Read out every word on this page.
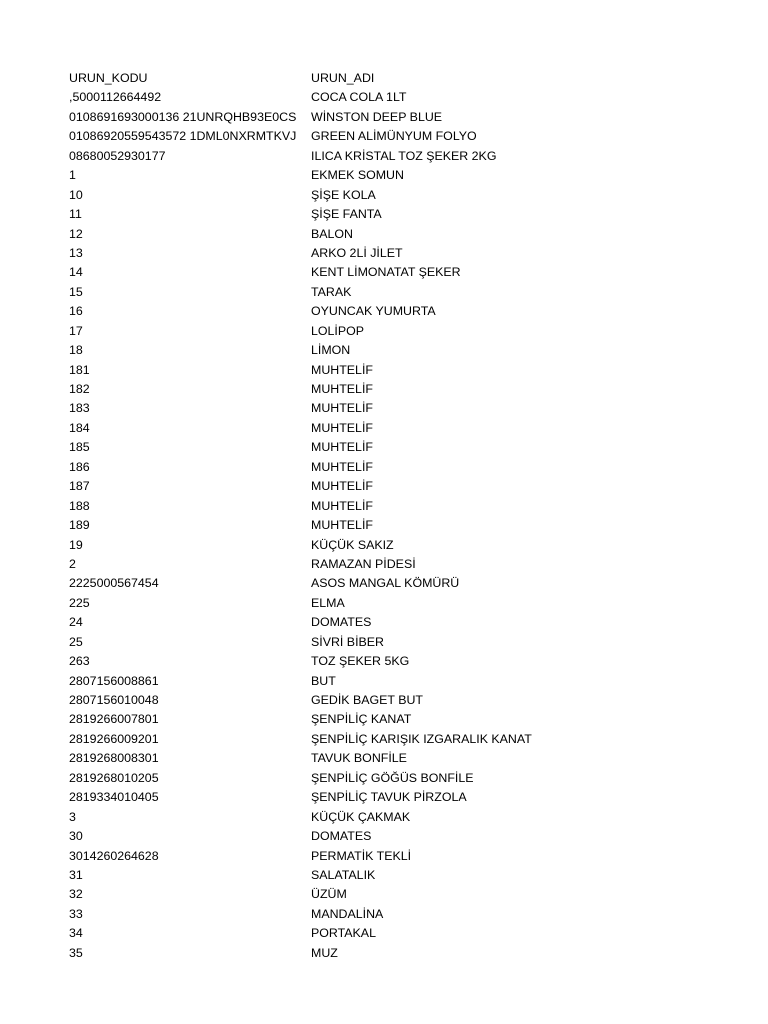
URUN_KODU	URUN_ADI
,5000112664492	COCA COLA 1LT
0108691693000136 21UNRQHB93E0CS	WİNSTON DEEP BLUE
01086920559543572 1DML0NXRMTKVJ	GREEN ALİMÜNYUM FOLYO
08680052930177	ILICA KRİSTAL TOZ ŞEKER 2KG
1	EKMEK SOMUN
10	ŞİŞE KOLA
11	ŞİŞE FANTA
12	BALON
13	ARKO 2Lİ JİLET
14	KENT LİMONATAT ŞEKER
15	TARAK
16	OYUNCAK YUMURTA
17	LOLİPOP
18	LİMON
181	MUHTELİF
182	MUHTELİF
183	MUHTELİF
184	MUHTELİF
185	MUHTELİF
186	MUHTELİF
187	MUHTELİF
188	MUHTELİF
189	MUHTELİF
19	KÜÇÜK SAKIZ
2	RAMAZAN PİDESİ
2225000567454	ASOS MANGAL KÖMÜRÜ
225	ELMA
24	DOMATES
25	SİVRİ BİBER
263	TOZ ŞEKER 5KG
2807156008861	BUT
2807156010048	GEDİK BAGET BUT
2819266007801	ŞENPİLİÇ KANAT
2819266009201	ŞENPİLİÇ KARIŞIK IZGARALIK KANAT
2819268008301	TAVUK BONFİLE
2819268010205	ŞENPİLİÇ GÖĞÜS BONFİLE
2819334010405	ŞENPİLİÇ TAVUK PİRZOLA
3	KÜÇÜK ÇAKMAK
30	DOMATES
3014260264628	PERMATİK TEKLİ
31	SALATALIK
32	ÜZÜM
33	MANDALİNA
34	PORTAKAL
35	MUZ
